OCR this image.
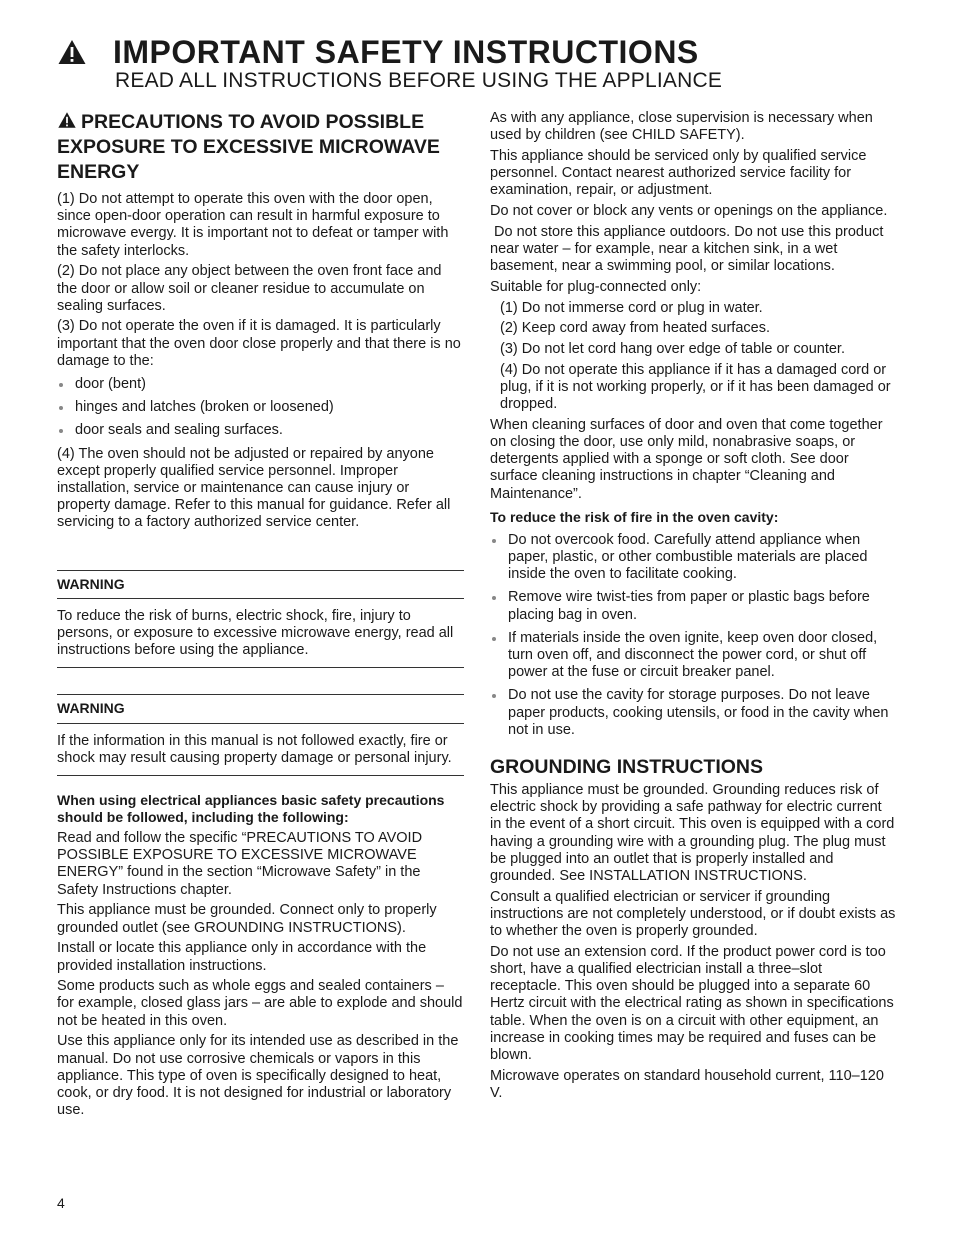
IMPORTANT SAFETY INSTRUCTIONS
READ ALL INSTRUCTIONS BEFORE USING THE APPLIANCE
PRECAUTIONS TO AVOID POSSIBLE EXPOSURE TO EXCESSIVE MICROWAVE ENERGY

(1) Do not attempt to operate this oven with the door open, since open-door operation can result in harmful exposure to microwave evergy. It is important not to defeat or tamper with the safety interlocks.

(2) Do not place any object between the oven front face and the door or allow soil or cleaner residue to accumulate on sealing surfaces.

(3) Do not operate the oven if it is damaged. It is particularly important that the oven door close properly and that there is no damage to the:

door (bent)
hinges and latches (broken or loosened)
door seals and sealing surfaces.

(4) The oven should not be adjusted or repaired by anyone except properly qualified service personnel. Improper installation, service or maintenance can cause injury or property damage. Refer to this manual for guidance. Refer all servicing to a factory authorized service center.

WARNING
To reduce the risk of burns, electric shock, fire, injury to persons, or exposure to excessive microwave energy, read all instructions before using the appliance.
WARNING
If the information in this manual is not followed exactly, fire or shock may result causing property damage or personal injury.
When using electrical appliances basic safety precautions should be followed, including the following:

Read and follow the specific “PRECAUTIONS TO AVOID POSSIBLE EXPOSURE TO EXCESSIVE MICROWAVE ENERGY” found in the section “Microwave Safety” in the Safety Instructions chapter.

This appliance must be grounded. Connect only to properly grounded outlet (see GROUNDING INSTRUCTIONS).

Install or locate this appliance only in accordance with the provided installation instructions.

Some products such as whole eggs and sealed containers – for example, closed glass jars – are able to explode and should not be heated in this oven.

Use this appliance only for its intended use as described in the manual. Do not use corrosive chemicals or vapors in this appliance. This type of oven is specifically designed to heat, cook, or dry food. It is not designed for industrial or laboratory use.

As with any appliance, close supervision is necessary when used by children (see CHILD SAFETY).

This appliance should be serviced only by qualified service personnel. Contact nearest authorized service facility for examination, repair, or adjustment.

Do not cover or block any vents or openings on the appliance.

Do not store this appliance outdoors. Do not use this product near water – for example, near a kitchen sink, in a wet basement, near a swimming pool, or similar locations.

Suitable for plug-connected only:

(1) Do not immerse cord or plug in water.

(2) Keep cord away from heated surfaces.

(3) Do not let cord hang over edge of table or counter.

(4) Do not operate this appliance if it has a damaged cord or plug, if it is not working properly, or if it has been damaged or dropped.

When cleaning surfaces of door and oven that come together on closing the door, use only mild, nonabrasive soaps, or detergents applied with a sponge or soft cloth. See door surface cleaning instructions in chapter “Cleaning and Maintenance”.

To reduce the risk of fire in the oven cavity:
Do not overcook food. Carefully attend appliance when paper, plastic, or other combustible materials are placed inside the oven to facilitate cooking.
Remove wire twist-ties from paper or plastic bags before placing bag in oven.
If materials inside the oven ignite, keep oven door closed, turn oven off, and disconnect the power cord, or shut off power at the fuse or circuit breaker panel.
Do not use the cavity for storage purposes. Do not leave paper products, cooking utensils, or food in the cavity when not in use.
GROUNDING INSTRUCTIONS

This appliance must be grounded. Grounding reduces risk of electric shock by providing a safe pathway for electric current in the event of a short circuit. This oven is equipped with a cord having a grounding wire with a grounding plug. The plug must be plugged into an outlet that is properly installed and grounded. See INSTALLATION INSTRUCTIONS.

Consult a qualified electrician or servicer if grounding instructions are not completely understood, or if doubt exists as to whether the oven is properly grounded.

Do not use an extension cord. If the product power cord is too short, have a qualified electrician install a three–slot receptacle. This oven should be plugged into a separate 60 Hertz circuit with the electrical rating as shown in specifications table. When the oven is on a circuit with other equipment, an increase in cooking times may be required and fuses can be blown.

Microwave operates on standard household current, 110–120 V.

4
